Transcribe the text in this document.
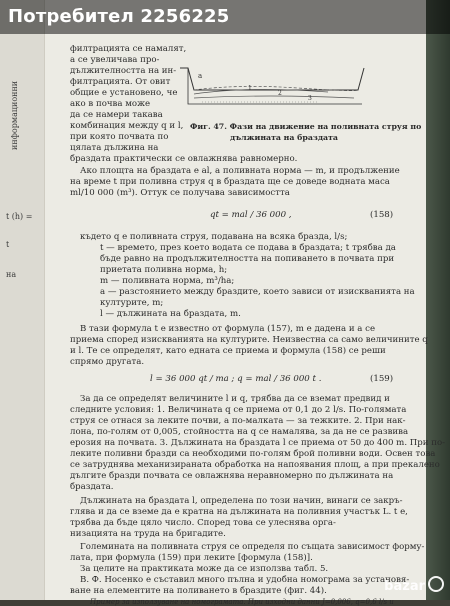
информационни
t (h) =
t
на
филтрацията се намалят,
а се увеличава про-
дължителността на ин-
филтрацията. От овит
общие е установено, че
ако в почва може
да се намери такава
комбинация между q и l,
при която почвата по
цялата дължина на
браздата практически се овлажнява равномерно.
a
1
2
3
Фиг. 47. Фази на движение на поливната струя по
дължината на браздата
Ако площта на браздата е al, а поливната норма — m, и продължение
на време t при поливна струя q в браздата ще се доведе водната маса
ml/10 000 (m³). Оттук се получава зависимостта
qt = mal / 36 000 ,	(158)
където q е поливната струя, подавана на всяка бразда, l/s;
t — времето, през което водата се подава в браздата; t трябва да
бъде равно на продължителността на попиването в почвата при
приетата поливна норма, h;
m — поливната норма, m³/ha;
a — разстоянието между браздите, което зависи от изискванията на
културите, m;
l — дължината на браздата, m.
В тази формула t е известно от формула (157), m е дадена и a се
приема според изискванията на културите. Неизвестна са само величините q
и l. Те се определят, като едната се приема и формула (158) се реши
спрямо другата.
l = 36 000 qt / ma ; q = mal / 36 000 t .	(159)
За да се определят величините l и q, трябва да се вземат предвид и
следните условия: 1. Величината q се приема от 0,1 до 2 l/s. По-голямата
струя се отнася за леките почви, а по-малката — за тежките. 2. При нак-
лона, по-голям от 0,005, стойността на q се намалява, за да не се развива
ерозия на почвата. 3. Дължината на браздата l се приема от 50 до 400 m. При по-
леките поливни бразди са необходими по-голям брой поливни води. Освен това
се затруднява механизираната обработка на напоявания площ, а при прекалено
дългите бразди почвата се овлажнява неравномерно по дължината на
браздата.
Дължината на браздата l, определена по този начин, винаги се закръ-
глява и да се вземе да е кратна на дължината на поливния участък L. t е,
трябва да бъде цяло число. Според това се улеснява орга-
низацията на труда на бригадите.
Големината на поливната струя се определя по същата зависимост форму-
лата, при формула (159) при леките [формула (158)].
За целите на практиката може да се използва табл. 5.
В. Ф. Носенко е съставил много пълна и удобна номограма за установя-
ване на елементите на поливането в браздите (фиг. 44).
Пример за използуване на номограмата. При изходни данни J=0,006, q=0,6 l/s и
Потребител 2256225
bazar
